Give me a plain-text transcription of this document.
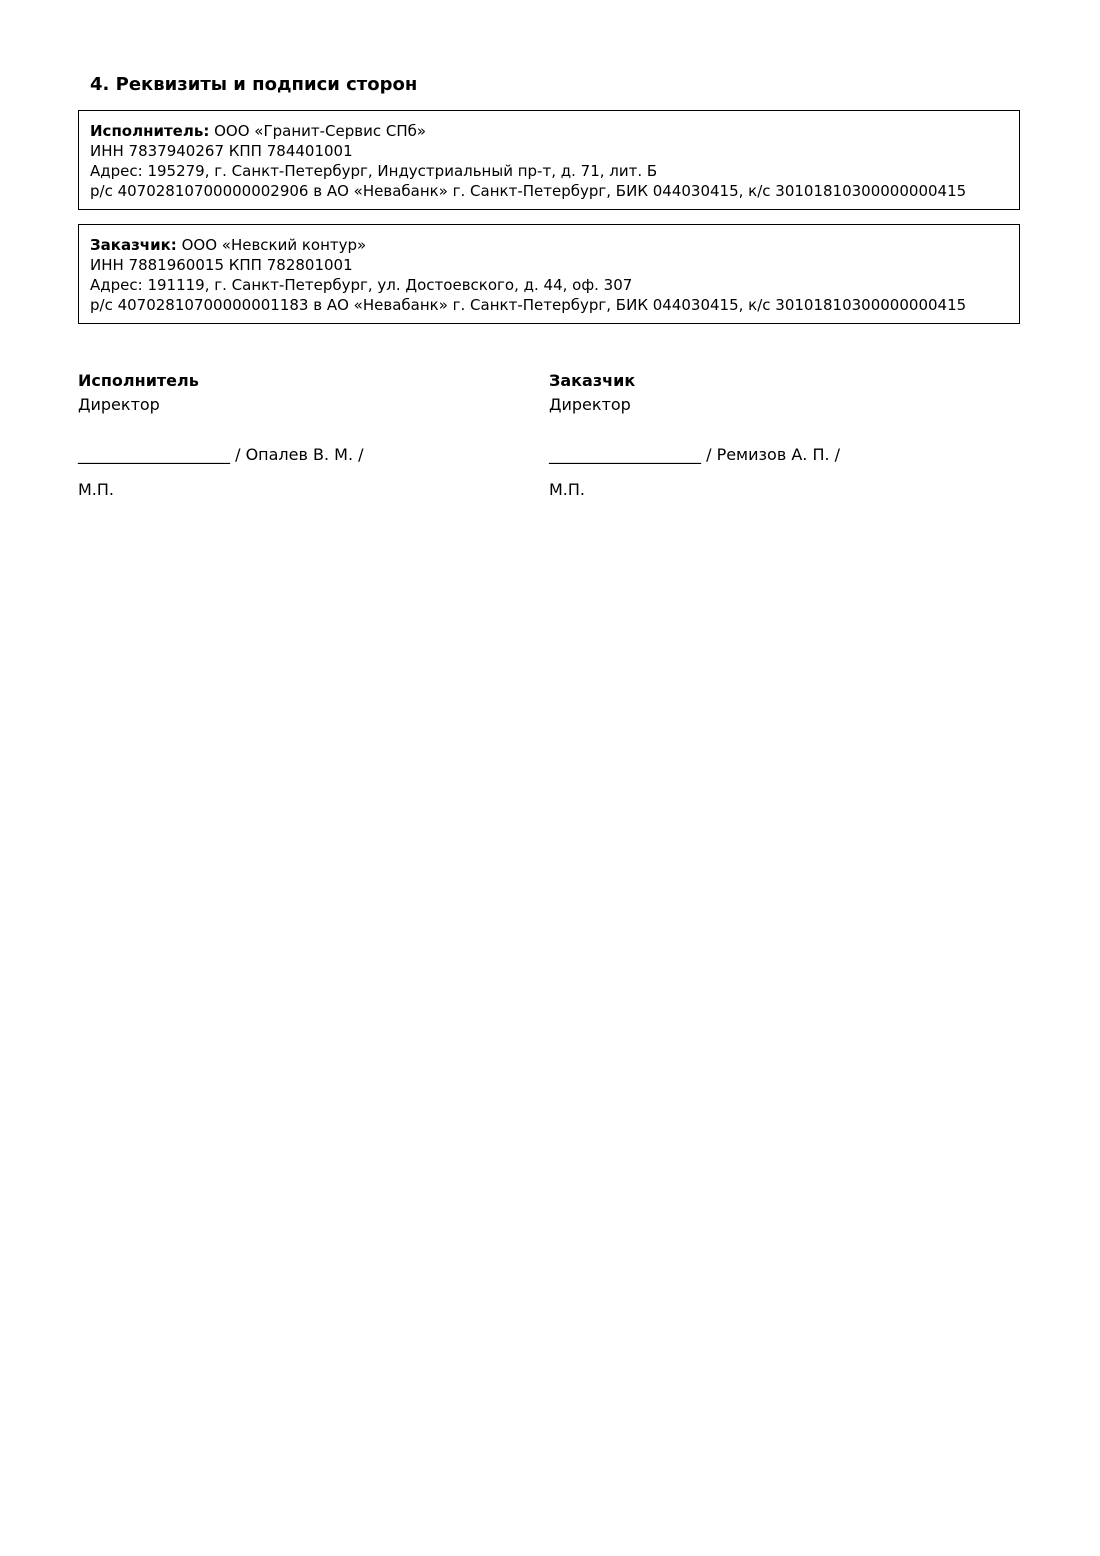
4. Реквизиты и подписи сторон
Исполнитель: ООО «Гранит-Сервис СПб»
ИНН 7837940267 КПП 784401001
Адрес: 195279, г. Санкт-Петербург, Индустриальный пр-т, д. 71, лит. Б
р/с 40702810700000002906 в АО «Невабанк» г. Санкт-Петербург, БИК 044030415, к/с 30101810300000000415
Заказчик: ООО «Невский контур»
ИНН 7881960015 КПП 782801001
Адрес: 191119, г. Санкт-Петербург, ул. Достоевского, д. 44, оф. 307
р/с 40702810700000001183 в АО «Невабанк» г. Санкт-Петербург, БИК 044030415, к/с 30101810300000000415
Исполнитель
Директор
___________________ / Опалев В. М. /
М.П.
Заказчик
Директор
___________________ / Ремизов А. П. /
М.П.
